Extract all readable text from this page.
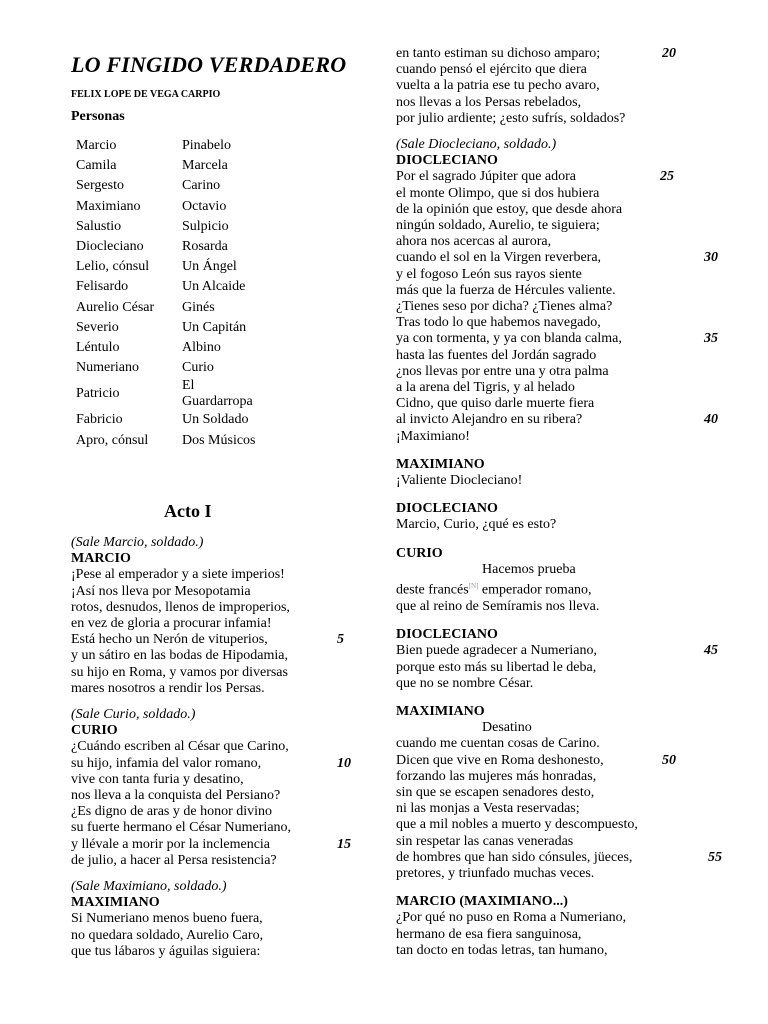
LO FINGIDO VERDADERO
FELIX LOPE DE VEGA CARPIO
Personas
Marcio	Pinabelo
Camila	Marcela
Sergesto	Carino
Maximiano	Octavio
Salustio	Sulpicio
Diocleciano	Rosarda
Lelio, cónsul	Un Ángel
Felisardo	Un Alcaide
Aurelio César	Ginés
Severio	Un Capitán
Léntulo	Albino
Numeriano	Curio
Patricio	El Guardarropa
Fabricio	Un Soldado
Apro, cónsul	Dos Músicos
Acto I
(Sale Marcio, soldado.)
MARCIO
¡Pese al emperador y a siete imperios!
¡Así nos lleva por Mesopotamia
rotos, desnudos, llenos de improperios,
en vez de gloria a procurar infamia!
Está hecho un Nerón de vituperios,	5
y un sátiro en las bodas de Hipodamia,
su hijo en Roma, y vamos por diversas
mares nosotros a rendir los Persas.
(Sale Curio, soldado.)
CURIO
¿Cuándo escriben al César que Carino,
su hijo, infamia del valor romano,	10
vive con tanta furia y desatino,
nos lleva a la conquista del Persiano?
¿Es digno de aras y de honor divino
su fuerte hermano el César Numeriano,
y llévale a morir por la inclemencia	15
de julio, a hacer al Persa resistencia?
(Sale Maximiano, soldado.)
MAXIMIANO
Si Numeriano menos bueno fuera,
no quedara soldado, Aurelio Caro,
que tus lábaros y águilas siguiera:
en tanto estiman su dichoso amparo;	20
cuando pensó el ejército que diera
vuelta a la patria ese tu pecho avaro,
nos llevas a los Persas rebelados,
por julio ardiente; ¿esto sufrís, soldados?
(Sale Diocleciano, soldado.)
DIOCLECIANO
Por el sagrado Júpiter que adora	25
el monte Olimpo, que si dos hubiera
de la opinión que estoy, que desde ahora
ningún soldado, Aurelio, te siguiera;
ahora nos acercas al aurora,
cuando el sol en la Virgen reverbera,	30
y el fogoso León sus rayos siente
más que la fuerza de Hércules valiente.
¿Tienes seso por dicha? ¿Tienes alma?
Tras todo lo que habemos navegado,
ya con tormenta, y ya con blanda calma,	35
hasta las fuentes del Jordán sagrado
¿nos llevas por entre una y otra palma
a la arena del Tigris, y al helado
Cidno, que quiso darle muerte fiera
al invicto Alejandro en su ribera?	40
¡Maximiano!
MAXIMIANO
¡Valiente Diocleciano!
DIOCLECIANO
Marcio, Curio, ¿qué es esto?
CURIO
Hacemos prueba
deste francés[N] emperador romano,
que al reino de Semíramis nos lleva.
DIOCLECIANO
Bien puede agradecer a Numeriano,	45
porque esto más su libertad le deba,
que no se nombre César.
MAXIMIANO
Desatino
cuando me cuentan cosas de Carino.
Dicen que vive en Roma deshonesto,	50
forzando las mujeres más honradas,
sin que se escapen senadores desto,
ni las monjas a Vesta reservadas;
que a mil nobles a muerto y descompuesto,
sin respetar las canas veneradas
de hombres que han sido cónsules, jüeces,	55
pretores, y triunfado muchas veces.
MARCIO (MAXIMIANO...)
¿Por qué no puso en Roma a Numeriano,
hermano de esa fiera sanguinosa,
tan docto en todas letras, tan humano,
